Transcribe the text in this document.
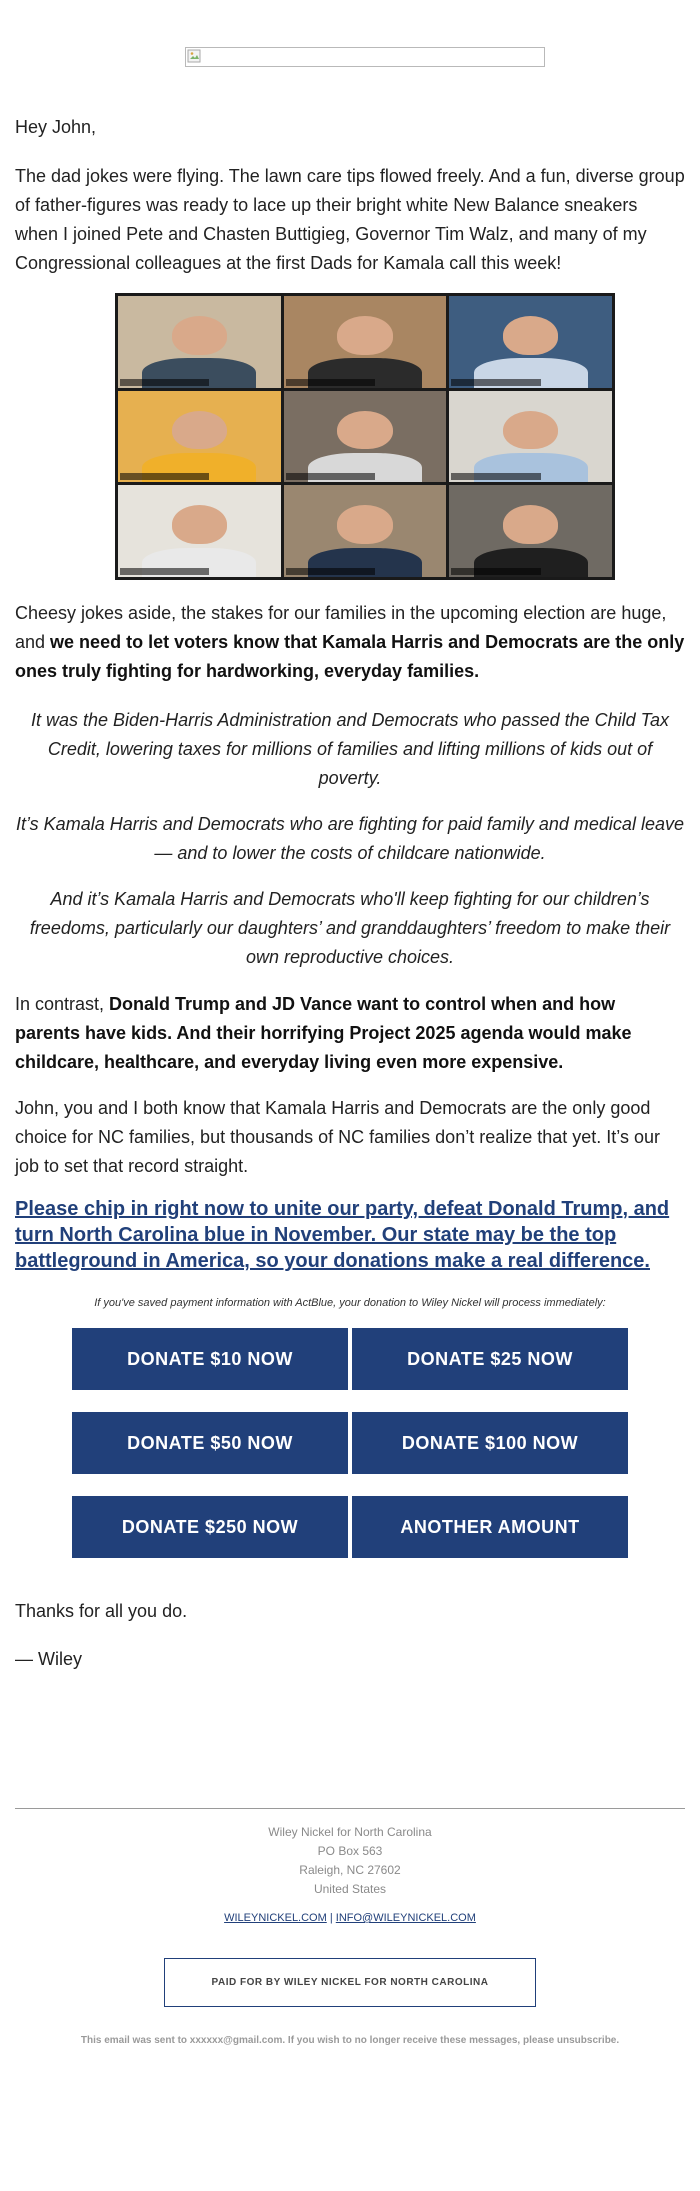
Hey John,

The dad jokes were flying. The lawn care tips flowed freely. And a fun, diverse group of father-figures was ready to lace up their bright white New Balance sneakers when I joined Pete and Chasten Buttigieg, Governor Tim Walz, and many of my Congressional colleagues at the first Dads for Kamala call this week!

Cheesy jokes aside, the stakes for our families in the upcoming election are huge, and we need to let voters know that Kamala Harris and Democrats are the only ones truly fighting for hardworking, everyday families.

It was the Biden-Harris Administration and Democrats who passed the Child Tax Credit, lowering taxes for millions of families and lifting millions of kids out of poverty.

It’s Kamala Harris and Democrats who are fighting for paid family and medical leave — and to lower the costs of childcare nationwide.

And it’s Kamala Harris and Democrats who'll keep fighting for our children’s freedoms, particularly our daughters’ and granddaughters’ freedom to make their own reproductive choices.

In contrast, Donald Trump and JD Vance want to control when and how parents have kids. And their horrifying Project 2025 agenda would make childcare, healthcare, and everyday living even more expensive.

John, you and I both know that Kamala Harris and Democrats are the only good choice for NC families, but thousands of NC families don’t realize that yet. It’s our job to set that record straight.

Please chip in right now to unite our party, defeat Donald Trump, and turn North Carolina blue in November. Our state may be the top battleground in America, so your donations make a real difference.

If you've saved payment information with ActBlue, your donation to Wiley Nickel will process immediately:

DONATE $10 NOW	DONATE $25 NOW
DONATE $50 NOW	DONATE $100 NOW
DONATE $250 NOW	ANOTHER AMOUNT

Thanks for all you do.

— Wiley

Wiley Nickel for North Carolina
PO Box 563
Raleigh, NC 27602
United States
WILEYNICKEL.COM | INFO@WILEYNICKEL.COM
PAID FOR BY WILEY NICKEL FOR NORTH CAROLINA

This email was sent to xxxxxx@gmail.com. If you wish to no longer receive these messages, please unsubscribe.
